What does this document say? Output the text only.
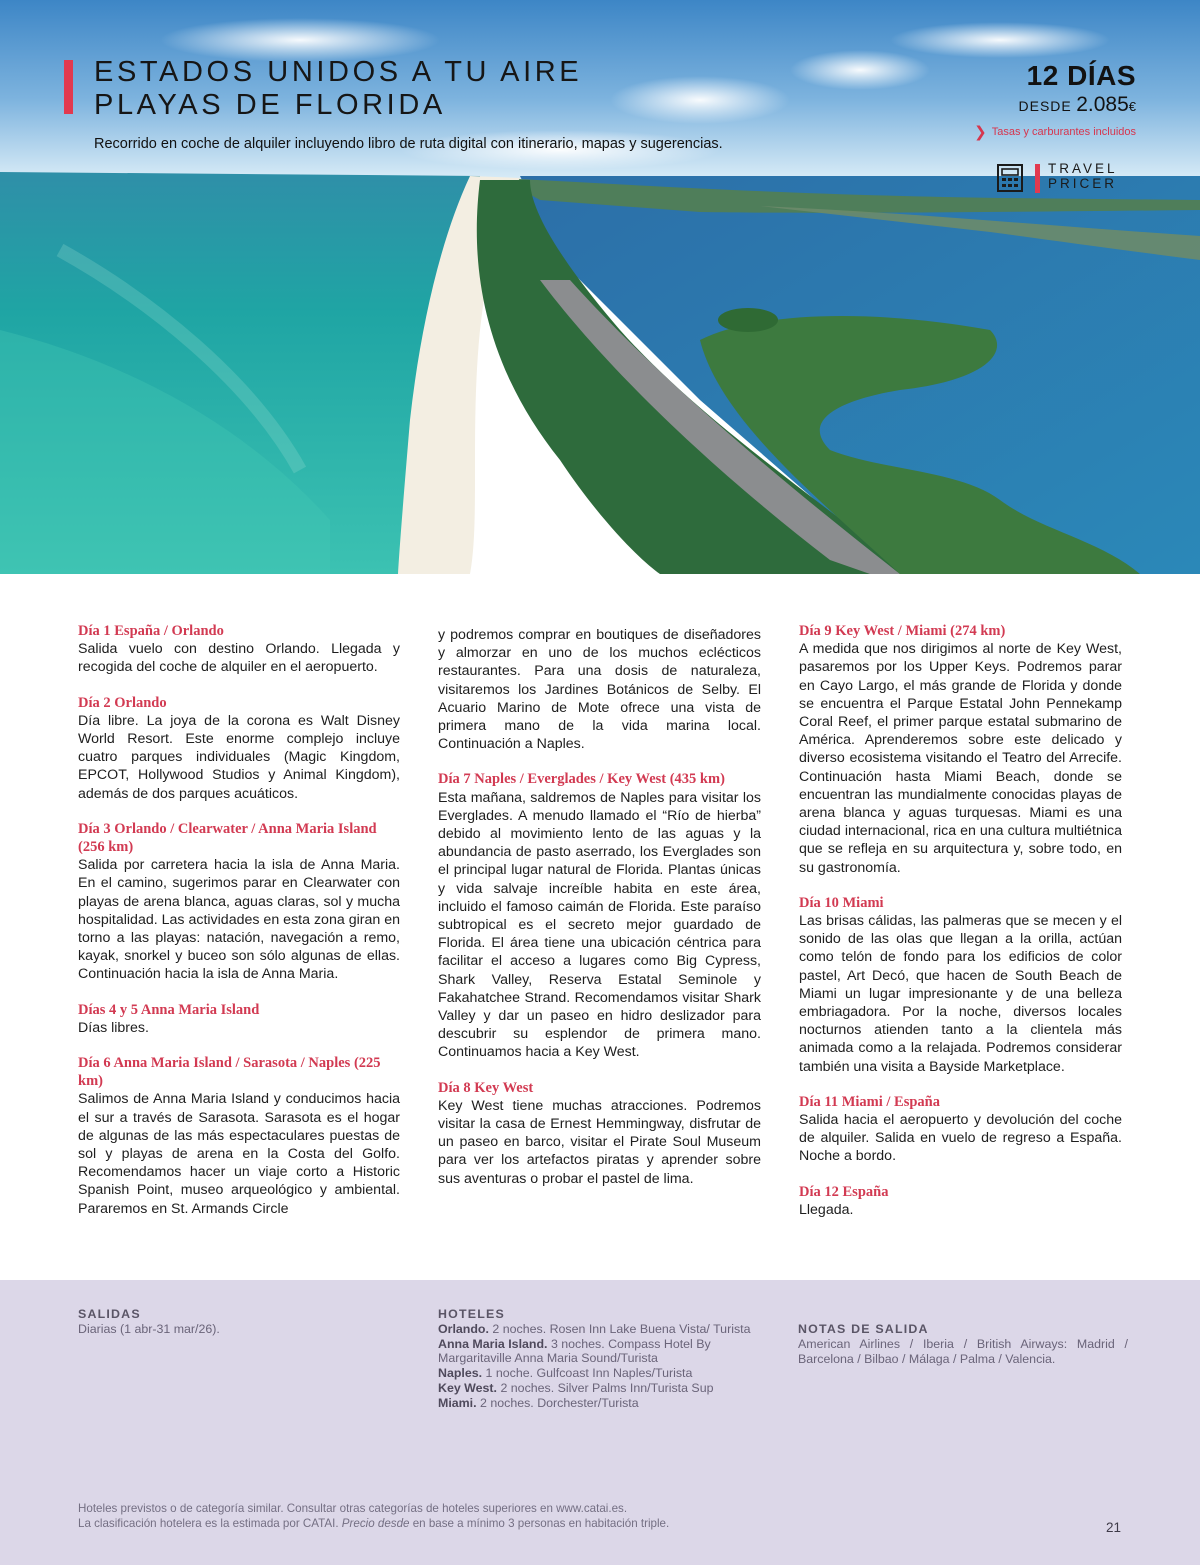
ESTADOS UNIDOS A TU AIRE
PLAYAS DE FLORIDA
Recorrido en coche de alquiler incluyendo libro de ruta digital con itinerario, mapas y sugerencias.
12 DÍAS
DESDE 2.085€
❯ Tasas y carburantes incluidos
TRAVEL
PRICER
Día 1 España / Orlando

Salida vuelo con destino Orlando. Llegada y recogida del coche de alquiler en el aeropuerto.

Día 2 Orlando

Día libre. La joya de la corona es Walt Disney World Resort. Este enorme complejo incluye cuatro parques individuales (Magic Kingdom, EPCOT, Hollywood Studios y Animal Kingdom), además de dos parques acuáticos.

Día 3 Orlando / Clearwater / Anna Maria Island (256 km)

Salida por carretera hacia la isla de Anna Maria. En el camino, sugerimos parar en Clearwater con playas de arena blanca, aguas claras, sol y mucha hospitalidad. Las actividades en esta zona giran en torno a las playas: natación, navegación a remo, kayak, snorkel y buceo son sólo algunas de ellas. Continuación hacia la isla de Anna Maria.

Días 4 y 5 Anna Maria Island

Días libres.

Día 6 Anna Maria Island / Sarasota / Naples (225 km)

Salimos de Anna Maria Island y conducimos hacia el sur a través de Sarasota. Sarasota es el hogar de algunas de las más espectaculares puestas de sol y playas de arena en la Costa del Golfo. Recomendamos hacer un viaje corto a Historic Spanish Point, museo arqueológico y ambiental. Pararemos en St. Armands Circle

y podremos comprar en boutiques de diseñadores y almorzar en uno de los muchos eclécticos restaurantes. Para una dosis de naturaleza, visitaremos los Jardines Botánicos de Selby. El Acuario Marino de Mote ofrece una vista de primera mano de la vida marina local. Continuación a Naples.

Día 7 Naples / Everglades / Key West (435 km)

Esta mañana, saldremos de Naples para visitar los Everglades. A menudo llamado el “Río de hierba” debido al movimiento lento de las aguas y la abundancia de pasto aserrado, los Everglades son el principal lugar natural de Florida. Plantas únicas y vida salvaje increíble habita en este área, incluido el famoso caimán de Florida. Este paraíso subtropical es el secreto mejor guardado de Florida. El área tiene una ubicación céntrica para facilitar el acceso a lugares como Big Cypress, Shark Valley, Reserva Estatal Seminole y Fakahatchee Strand. Recomendamos visitar Shark Valley y dar un paseo en hidro deslizador para descubrir su esplendor de primera mano. Continuamos hacia a Key West.

Día 8 Key West

Key West tiene muchas atracciones. Podremos visitar la casa de Ernest Hemmingway, disfrutar de un paseo en barco, visitar el Pirate Soul Museum para ver los artefactos piratas y aprender sobre sus aventuras o probar el pastel de lima.

Día 9 Key West / Miami (274 km)

A medida que nos dirigimos al norte de Key West, pasaremos por los Upper Keys. Podremos parar en Cayo Largo, el más grande de Florida y donde se encuentra el Parque Estatal John Pennekamp Coral Reef, el primer parque estatal submarino de América. Aprenderemos sobre este delicado y diverso ecosistema visitando el Teatro del Arrecife. Continuación hasta Miami Beach, donde se encuentran las mundialmente conocidas playas de arena blanca y aguas turquesas. Miami es una ciudad internacional, rica en una cultura multiétnica que se refleja en su arquitectura y, sobre todo, en su gastronomía.

Día 10 Miami

Las brisas cálidas, las palmeras que se mecen y el sonido de las olas que llegan a la orilla, actúan como telón de fondo para los edificios de color pastel, Art Decó, que hacen de South Beach de Miami un lugar impresionante y de una belleza embriagadora. Por la noche, diversos locales nocturnos atienden tanto a la clientela más animada como a la relajada. Podremos considerar también una visita a Bayside Marketplace.

Día 11 Miami / España

Salida hacia el aeropuerto y devolución del coche de alquiler. Salida en vuelo de regreso a España. Noche a bordo.

Día 12 España

Llegada.

SALIDAS
Diarias (1 abr-31 mar/26).
HOTELES
Orlando. 2 noches. Rosen Inn Lake Buena Vista/ Turista
Anna Maria Island. 3 noches. Compass Hotel By Margaritaville Anna Maria Sound/Turista
Naples. 1 noche. Gulfcoast Inn Naples/Turista
Key West. 2 noches. Silver Palms Inn/Turista Sup
Miami. 2 noches. Dorchester/Turista
NOTAS DE SALIDA
American Airlines / Iberia / British Airways: Madrid / Barcelona / Bilbao / Málaga / Palma / Valencia.
Hoteles previstos o de categoría similar. Consultar otras categorías de hoteles superiores en www.catai.es.
La clasificación hotelera es la estimada por CATAI. Precio desde en base a mínimo 3 personas en habitación triple.	21
